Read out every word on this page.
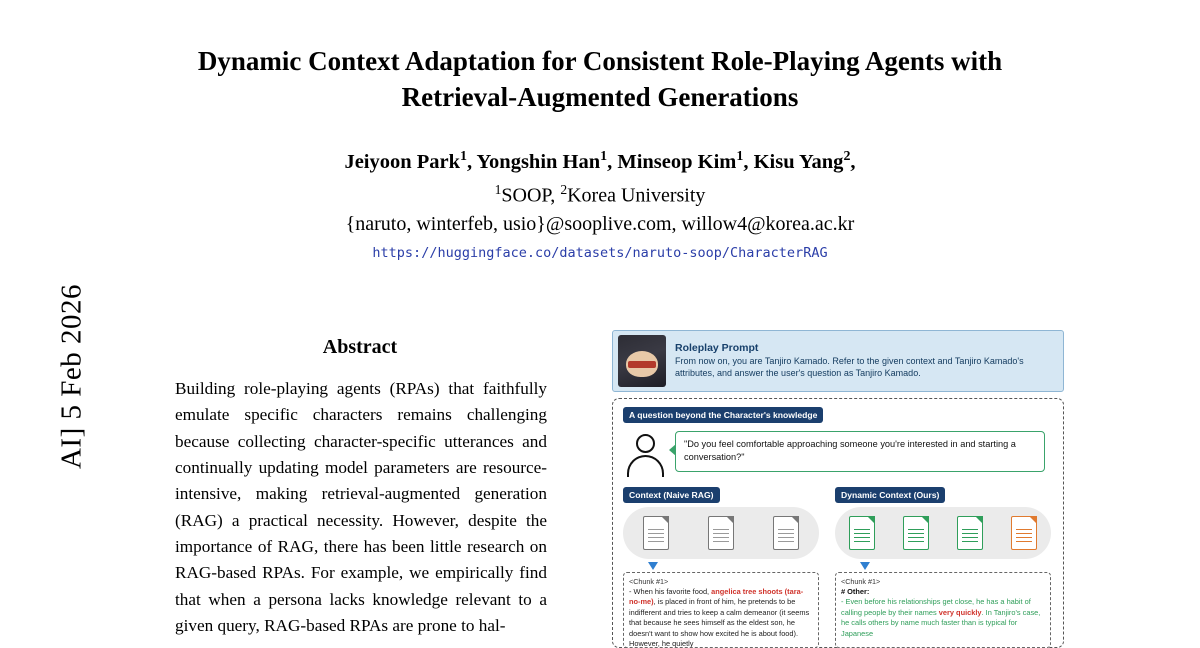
AI] 5 Feb 2026
Dynamic Context Adaptation for Consistent Role-Playing Agents with
Retrieval-Augmented Generations
Jeiyoon Park$^1$, Yongshin Han$^1$, Minseop Kim$^1$, Kisu Yang$^2$,
$^1$SOOP, $^2$Korea University
{naruto, winterfeb, usio}@sooplive.com, willow4@korea.ac.kr
https://huggingface.co/datasets/naruto-soop/CharacterRAG
Abstract
Building role-playing agents (RPAs) that faithfully emulate specific characters remains challenging because collecting character-specific utterances and continually updating model parameters are resource-intensive, making retrieval-augmented generation (RAG) a practical necessity. However, despite the importance of RAG, there has been little research on RAG-based RPAs. For example, we empirically find that when a persona lacks knowledge relevant to a given query, RAG-based RPAs are prone to hal-
Roleplay Prompt
From now on, you are Tanjiro Kamado. Refer to the given context and Tanjiro Kamado's attributes, and answer the user's question as Tanjiro Kamado.
A question beyond the Character's knowledge
"Do you feel comfortable approaching someone you're interested in and starting a conversation?"
Context (Naive RAG)	Dynamic Context (Ours)
<Chunk #1>
- When his favorite food, angelica tree shoots (tara-no-me), is placed in front of him, he pretends to be indifferent and tries to keep a calm demeanor (it seems that because he sees himself as the eldest son, he doesn't want to show how excited he is about food). However, he quietly
<Chunk #1>
# Other:
- Even before his relationships get close, he has a habit of calling people by their names very quickly. In Tanjiro's case, he calls others by name much faster than is typical for Japanese
